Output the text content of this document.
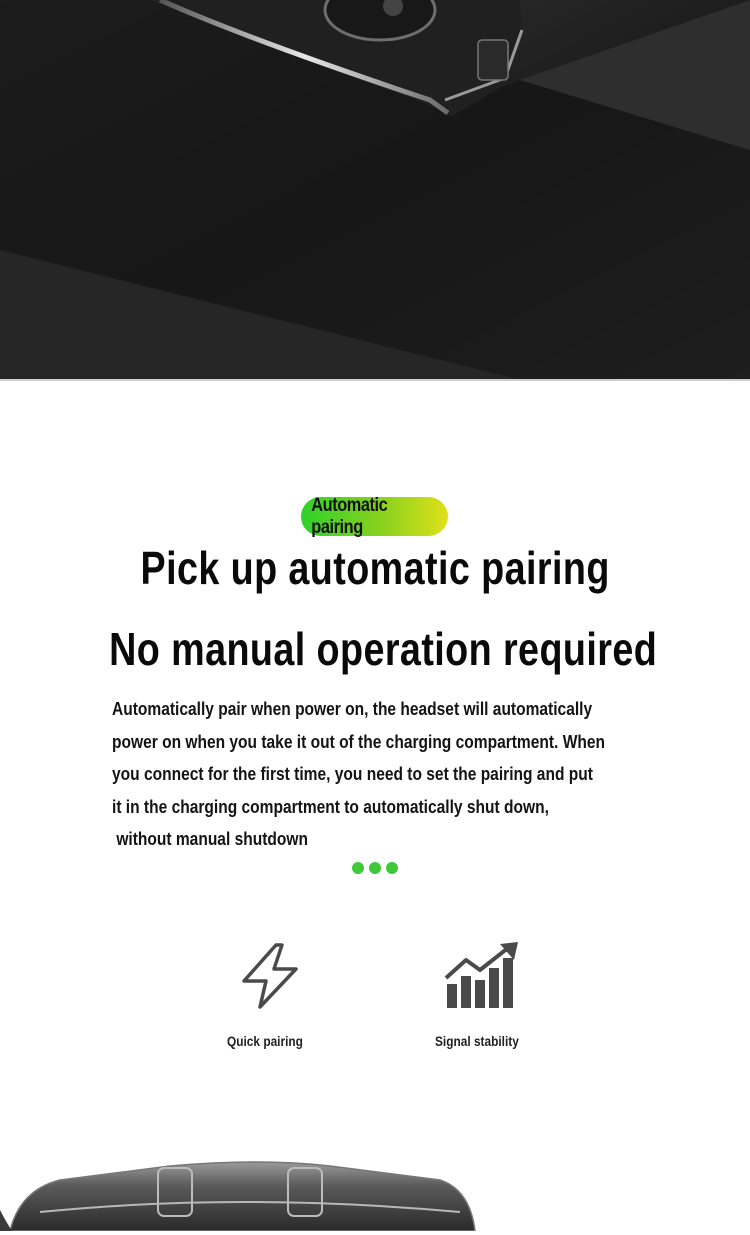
Automatic pairing
Pick up automatic pairing
No manual operation required
Automatically pair when power on, the headset will automatically
power on when you take it out of the charging compartment. When
you connect for the first time, you need to set the pairing and put
it in the charging compartment to automatically shut down,
without manual shutdown
Quick pairing	Signal stability
